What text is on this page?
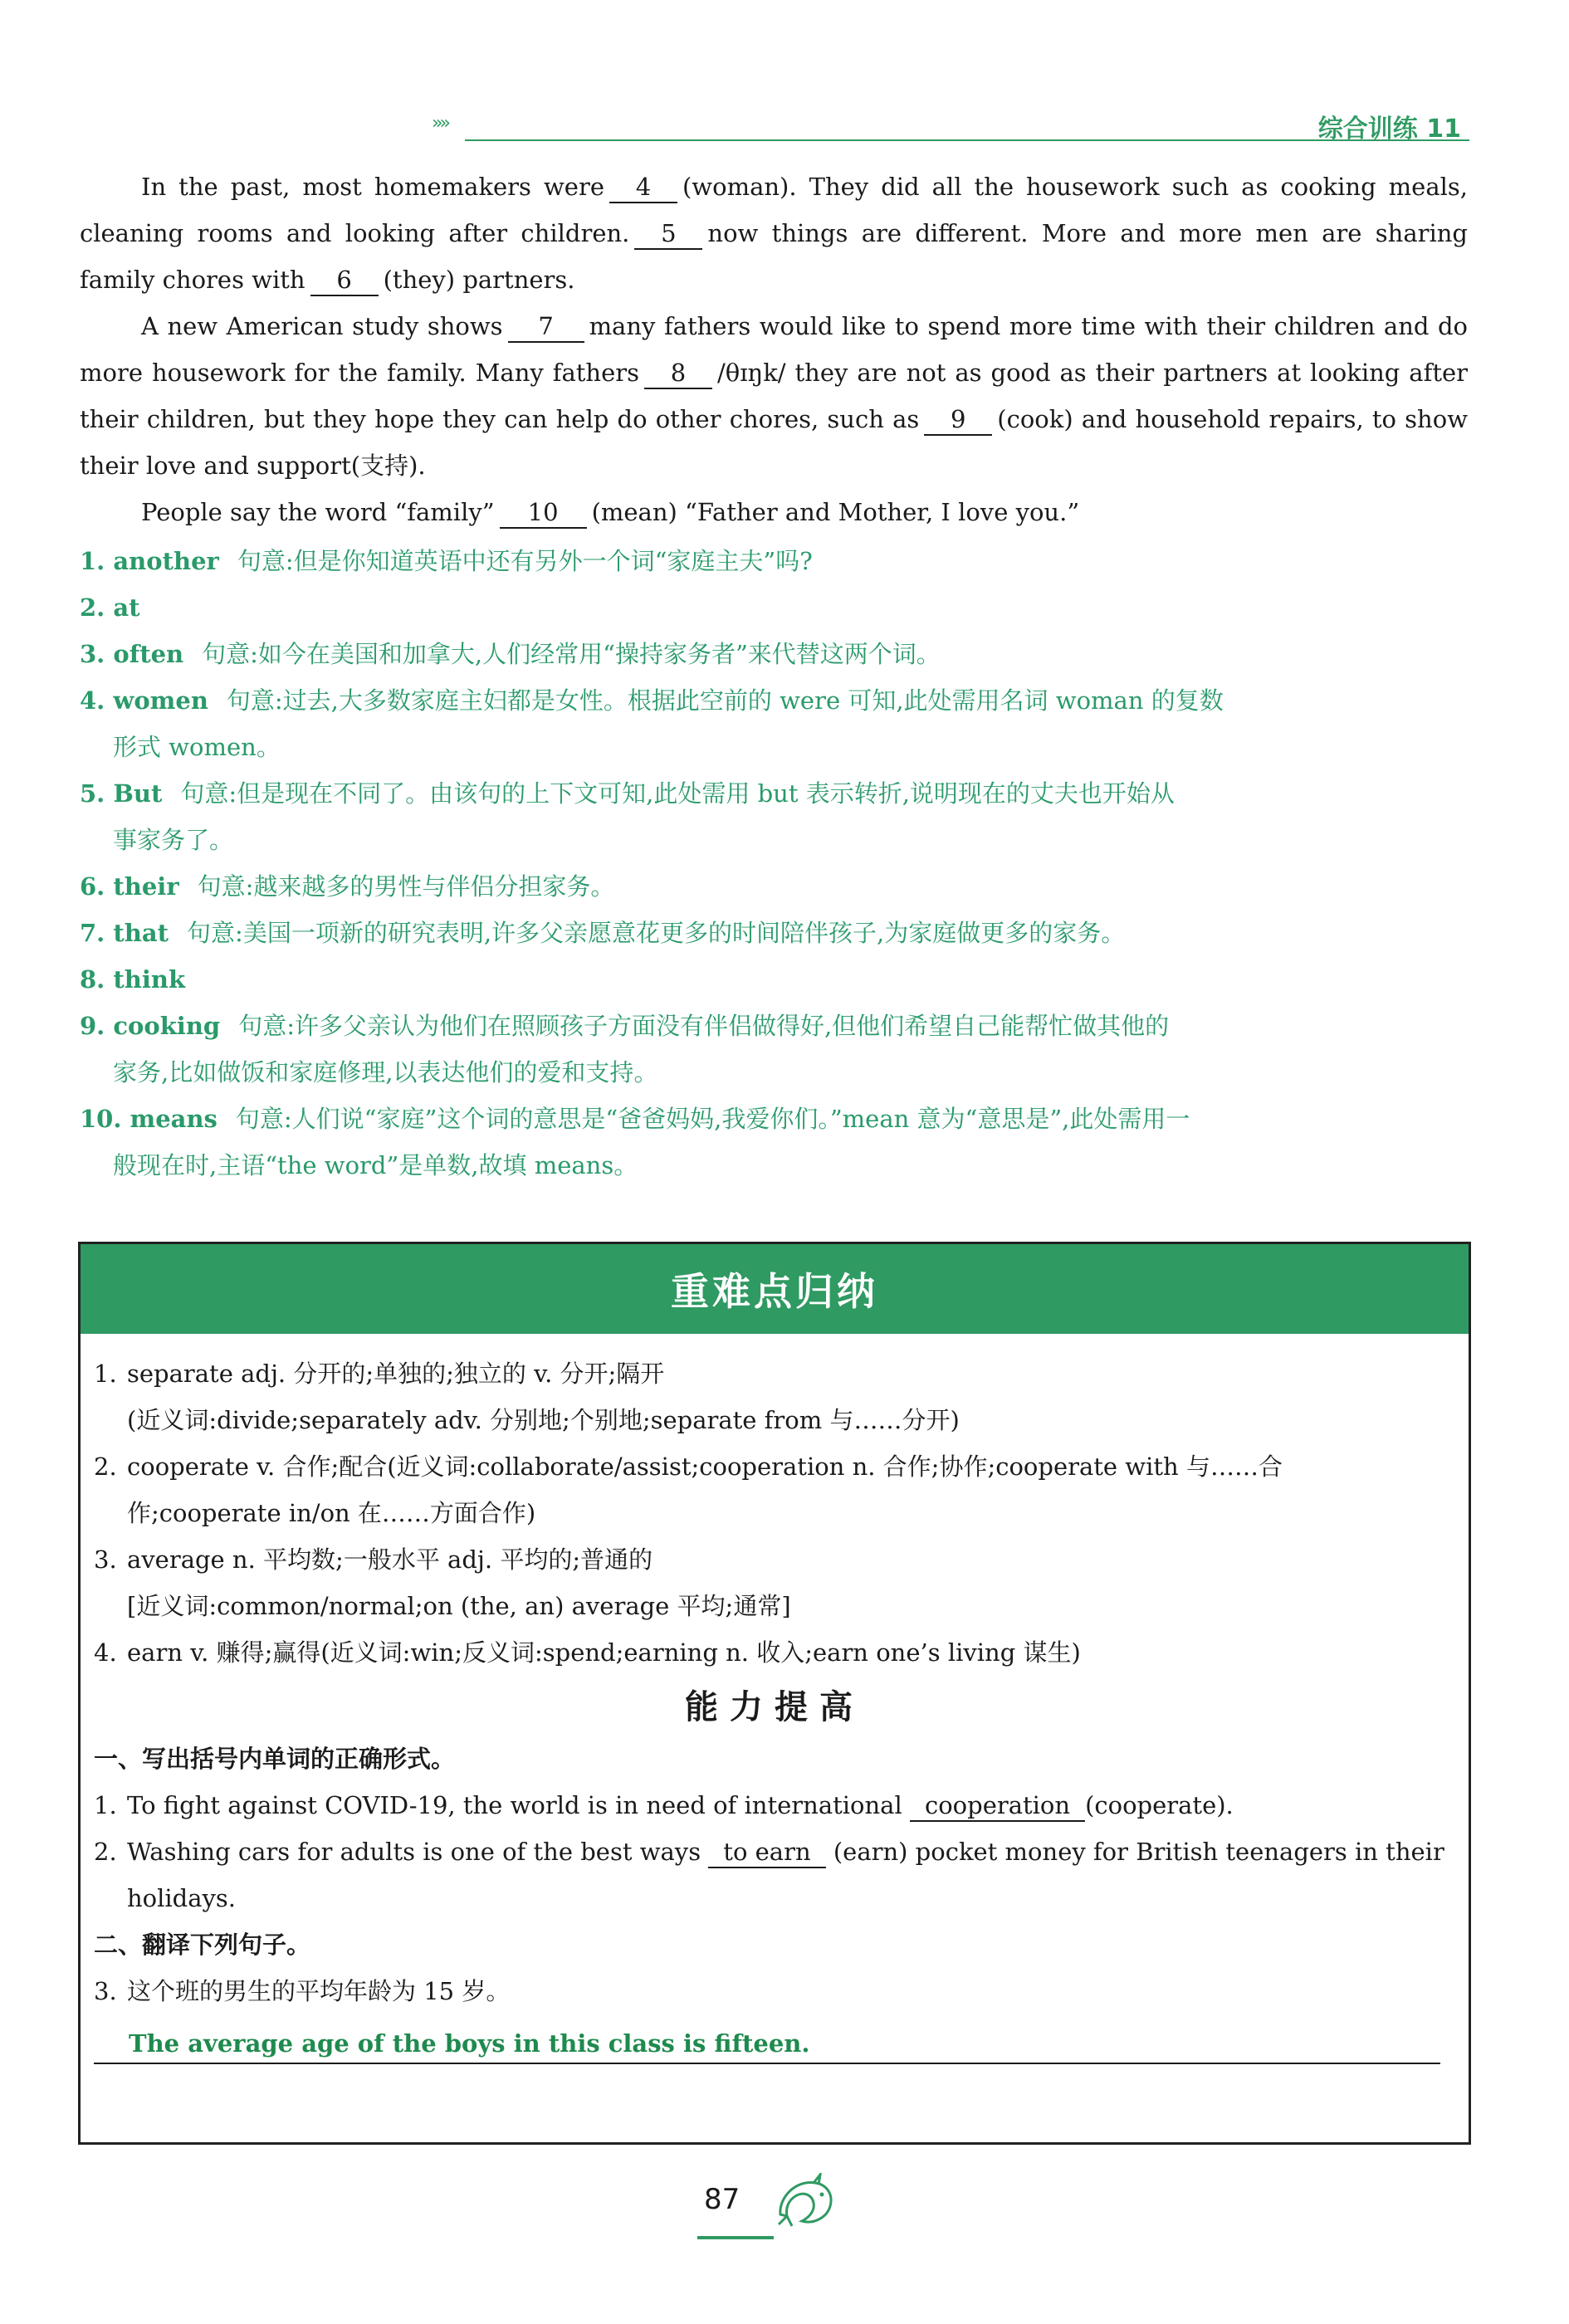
»»	综合训练 11

In the past, most homemakers were 4 (woman). They did all the housework such as cooking meals, cleaning rooms and looking after children. 5 now things are different. More and more men are sharing family chores with 6 (they) partners.

A new American study shows 7 many fathers would like to spend more time with their children and do more housework for the family. Many fathers 8 /θɪŋk/ they are not as good as their partners at looking after their children, but they hope they can help do other chores, such as 9 (cook) and household repairs, to show their love and support(支持).

People say the word “family” 10 (mean) “Father and Mother, I love you.”

1. another 句意:但是你知道英语中还有另外一个词“家庭主夫”吗?
2. at
3. often 句意:如今在美国和加拿大,人们经常用“操持家务者”来代替这两个词。
4. women 句意:过去,大多数家庭主妇都是女性。根据此空前的 were 可知,此处需用名词 woman 的复数
形式 women。
5. But 句意:但是现在不同了。由该句的上下文可知,此处需用 but 表示转折,说明现在的丈夫也开始从
事家务了。
6. their 句意:越来越多的男性与伴侣分担家务。
7. that 句意:美国一项新的研究表明,许多父亲愿意花更多的时间陪伴孩子,为家庭做更多的家务。
8. think
9. cooking 句意:许多父亲认为他们在照顾孩子方面没有伴侣做得好,但他们希望自己能帮忙做其他的
家务,比如做饭和家庭修理,以表达他们的爱和支持。
10. means 句意:人们说“家庭”这个词的意思是“爸爸妈妈,我爱你们。”mean 意为“意思是”,此处需用一
般现在时,主语“the word”是单数,故填 means。
重难点归纳
1. separate adj. 分开的;单独的;独立的 v. 分开;隔开
(近义词:divide;separately adv. 分别地;个别地;separate from 与……分开)
2. cooperate v. 合作;配合(近义词:collaborate/assist;cooperation n. 合作;协作;cooperate with 与……合
作;cooperate in/on 在……方面合作)
3. average n. 平均数;一般水平 adj. 平均的;普通的
[近义词:common/normal;on (the, an) average 平均;通常]
4. earn v. 赚得;赢得(近义词:win;反义词:spend;earning n. 收入;earn one’s living 谋生)
能力提高
一、写出括号内单词的正确形式。
1. To fight against COVID-19, the world is in need of international cooperation (cooperate).
2. Washing cars for adults is one of the best ways to earn (earn) pocket money for British teenagers in their
holidays.
二、翻译下列句子。
3. 这个班的男生的平均年龄为 15 岁。
The average age of the boys in this class is fifteen.
87
